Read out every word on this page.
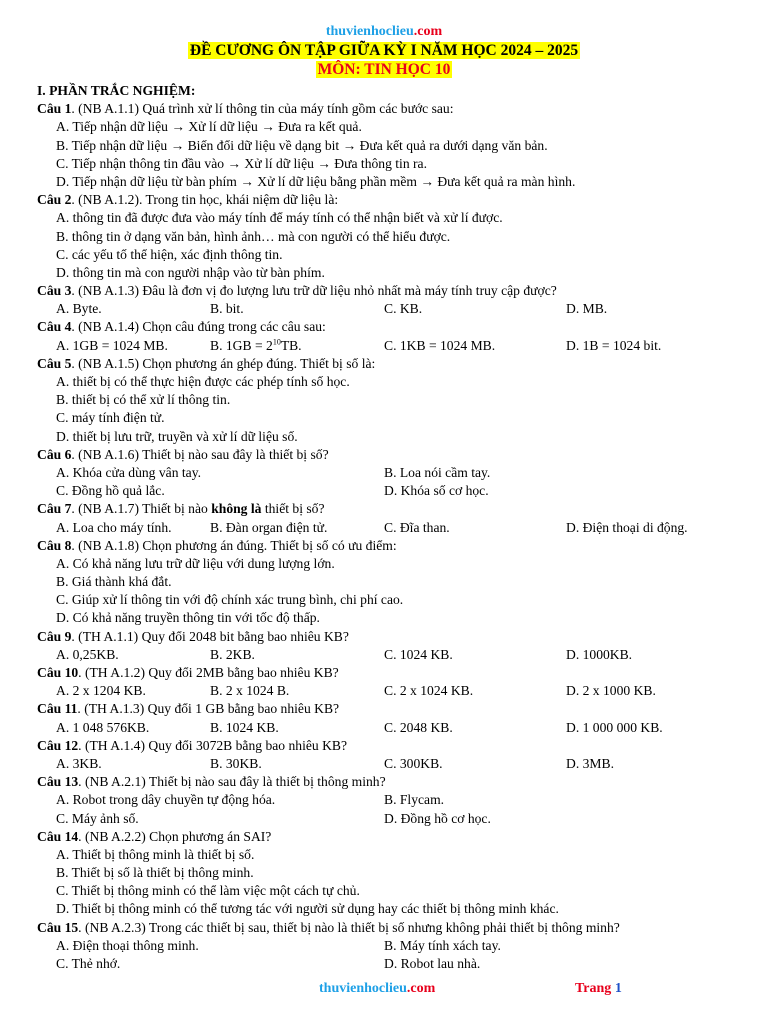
thuvienhoclieu.com
ĐỀ CƯƠNG ÔN TẬP GIỮA KỲ I NĂM HỌC 2024 – 2025
MÔN: TIN HỌC 10
I. PHẦN TRẮC NGHIỆM:
Câu 1. (NB A.1.1) Quá trình xử lí thông tin của máy tính gồm các bước sau:
A. Tiếp nhận dữ liệu → Xử lí dữ liệu → Đưa ra kết quả.
B. Tiếp nhận dữ liệu → Biến đổi dữ liệu về dạng bit → Đưa kết quả ra dưới dạng văn bản.
C. Tiếp nhận thông tin đầu vào → Xử lí dữ liệu → Đưa thông tin ra.
D. Tiếp nhận dữ liệu từ bàn phím → Xử lí dữ liệu bằng phần mềm → Đưa kết quả ra màn hình.
Câu 2. (NB A.1.2). Trong tin học, khái niệm dữ liệu là:
A. thông tin đã được đưa vào máy tính để máy tính có thể nhận biết và xử lí được.
B. thông tin ở dạng văn bản, hình ảnh… mà con người có thể hiểu được.
C. các yếu tố thể hiện, xác định thông tin.
D. thông tin mà con người nhập vào từ bàn phím.
Câu 3. (NB A.1.3) Đâu là đơn vị đo lượng lưu trữ dữ liệu nhỏ nhất mà máy tính truy cập được?
A. Byte.	B. bit.	C. KB.	D. MB.
Câu 4. (NB A.1.4) Chọn câu đúng trong các câu sau:
A. 1GB = 1024 MB.	B. $1GB = 2^{10}TB$.	C. 1KB = 1024 MB.	D. 1B = 1024 bit.
Câu 5. (NB A.1.5) Chọn phương án ghép đúng. Thiết bị số là:
A. thiết bị có thể thực hiện được các phép tính số học.
B. thiết bị có thể xử lí thông tin.
C. máy tính điện tử.
D. thiết bị lưu trữ, truyền và xử lí dữ liệu số.
Câu 6. (NB A.1.6) Thiết bị nào sau đây là thiết bị số?
A. Khóa cửa dùng vân tay.	B. Loa nói cầm tay.
C. Đồng hồ quả lắc.	D. Khóa số cơ học.
Câu 7. (NB A.1.7) Thiết bị nào không là thiết bị số?
A. Loa cho máy tính.	B. Đàn organ điện tử.	C. Đĩa than.	D. Điện thoại di động.
Câu 8. (NB A.1.8) Chọn phương án đúng. Thiết bị số có ưu điểm:
A. Có khả năng lưu trữ dữ liệu với dung lượng lớn.
B. Giá thành khá đắt.
C. Giúp xử lí thông tin với độ chính xác trung bình, chi phí cao.
D. Có khả năng truyền thông tin với tốc độ thấp.
Câu 9. (TH A.1.1) Quy đổi 2048 bit bằng bao nhiêu KB?
A. 0,25KB.	B. 2KB.	C. 1024 KB.	D. 1000KB.
Câu 10. (TH A.1.2) Quy đổi 2MB bằng bao nhiêu KB?
A. 2 x 1204 KB.	B. 2 x 1024 B.	C. 2 x 1024 KB.	D. 2 x 1000 KB.
Câu 11. (TH A.1.3) Quy đổi 1 GB bằng bao nhiêu KB?
A. 1 048 576KB.	B. 1024 KB.	C. 2048 KB.	D. 1 000 000 KB.
Câu 12. (TH A.1.4) Quy đổi 3072B bằng bao nhiêu KB?
A. 3KB.	B. 30KB.	C. 300KB.	D. 3MB.
Câu 13. (NB A.2.1) Thiết bị nào sau đây là thiết bị thông minh?
A. Robot trong dây chuyền tự động hóa.	B. Flycam.
C. Máy ảnh số.	D. Đồng hồ cơ học.
Câu 14. (NB A.2.2) Chọn phương án SAI?
A. Thiết bị thông minh là thiết bị số.
B. Thiết bị số là thiết bị thông minh.
C. Thiết bị thông minh có thể làm việc một cách tự chủ.
D. Thiết bị thông minh có thể tương tác với người sử dụng hay các thiết bị thông minh khác.
Câu 15. (NB A.2.3) Trong các thiết bị sau, thiết bị nào là thiết bị số nhưng không phải thiết bị thông minh?
A. Điện thoại thông minh.	B. Máy tính xách tay.
C. Thẻ nhớ.	D. Robot lau nhà.
thuvienhoclieu.com	Trang 1
